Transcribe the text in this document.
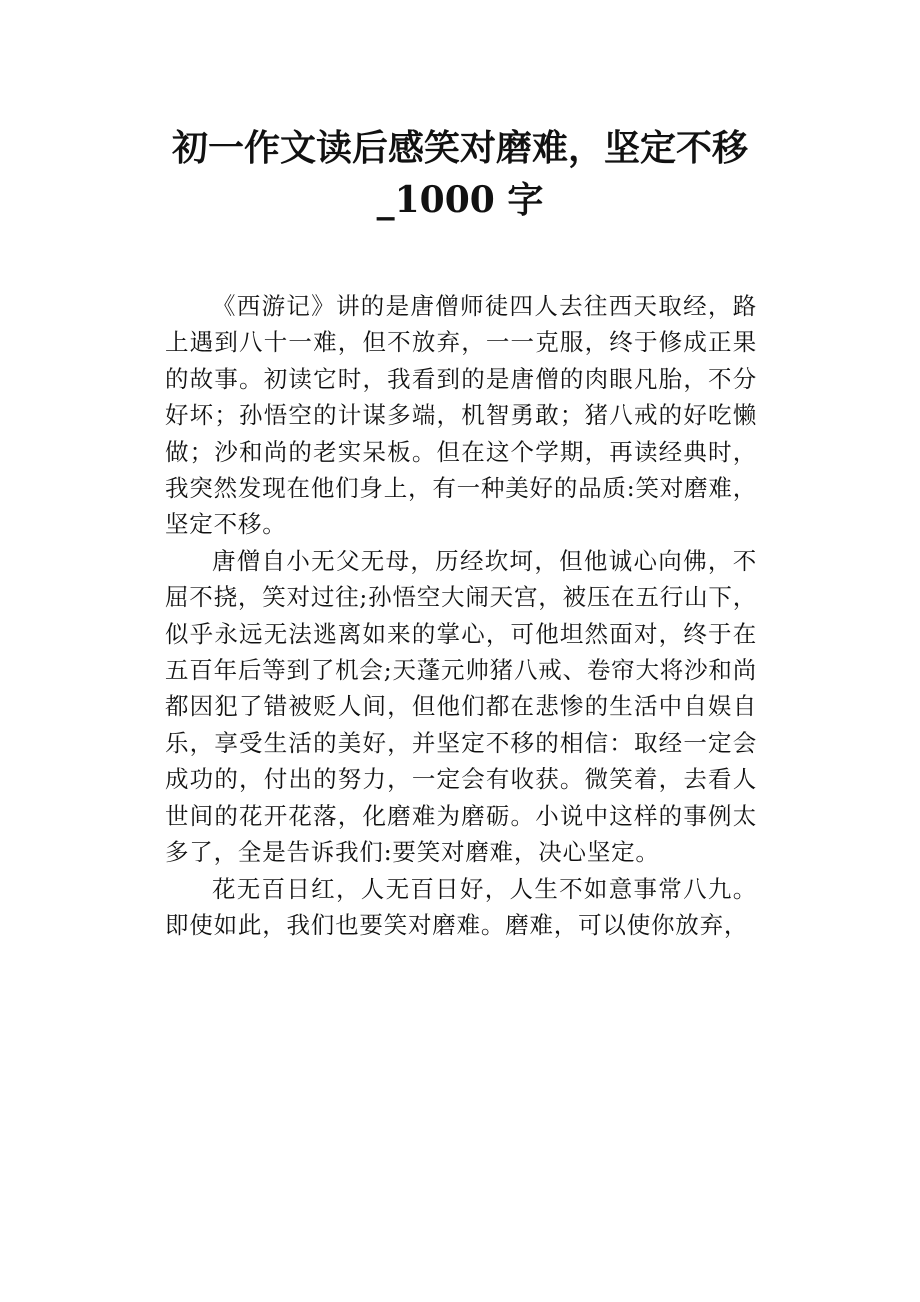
初一作文读后感笑对磨难，坚定不移
_1000 字

《西游记》讲的是唐僧师徒四人去往西天取经，路上遇到八十一难，但不放弃，一一克服，终于修成正果的故事。初读它时，我看到的是唐僧的肉眼凡胎，不分好坏；孙悟空的计谋多端，机智勇敢；猪八戒的好吃懒做；沙和尚的老实呆板。但在这个学期，再读经典时，我突然发现在他们身上，有一种美好的品质:笑对磨难，坚定不移。

唐僧自小无父无母，历经坎坷，但他诚心向佛，不屈不挠，笑对过往;孙悟空大闹天宫，被压在五行山下，似乎永远无法逃离如来的掌心，可他坦然面对，终于在五百年后等到了机会;天蓬元帅猪八戒、卷帘大将沙和尚都因犯了错被贬人间，但他们都在悲惨的生活中自娱自乐，享受生活的美好，并坚定不移的相信：取经一定会成功的，付出的努力，一定会有收获。微笑着，去看人世间的花开花落，化磨难为磨砺。小说中这样的事例太多了，全是告诉我们:要笑对磨难，决心坚定。

花无百日红，人无百日好，人生不如意事常八九。即使如此，我们也要笑对磨难。磨难，可以使你放弃，
